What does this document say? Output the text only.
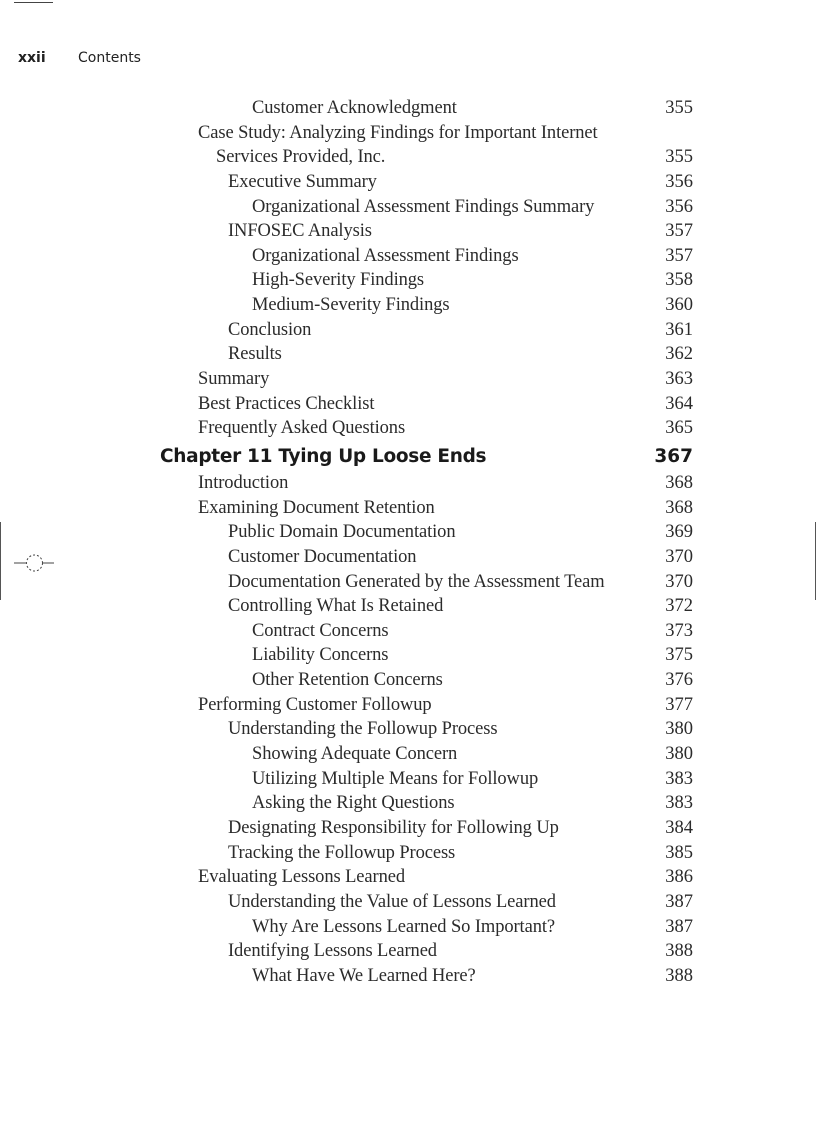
xxii Contents
Customer Acknowledgment	355
Case Study: Analyzing Findings for Important Internet
Services Provided, Inc.	355
Executive Summary	356
Organizational Assessment Findings Summary	356
INFOSEC Analysis	357
Organizational Assessment Findings	357
High-Severity Findings	358
Medium-Severity Findings	360
Conclusion	361
Results	362
Summary	363
Best Practices Checklist	364
Frequently Asked Questions	365
Chapter 11 Tying Up Loose Ends	367
Introduction	368
Examining Document Retention	368
Public Domain Documentation	369
Customer Documentation	370
Documentation Generated by the Assessment Team	370
Controlling What Is Retained	372
Contract Concerns	373
Liability Concerns	375
Other Retention Concerns	376
Performing Customer Followup	377
Understanding the Followup Process	380
Showing Adequate Concern	380
Utilizing Multiple Means for Followup	383
Asking the Right Questions	383
Designating Responsibility for Following Up	384
Tracking the Followup Process	385
Evaluating Lessons Learned	386
Understanding the Value of Lessons Learned	387
Why Are Lessons Learned So Important?	387
Identifying Lessons Learned	388
What Have We Learned Here?	388
